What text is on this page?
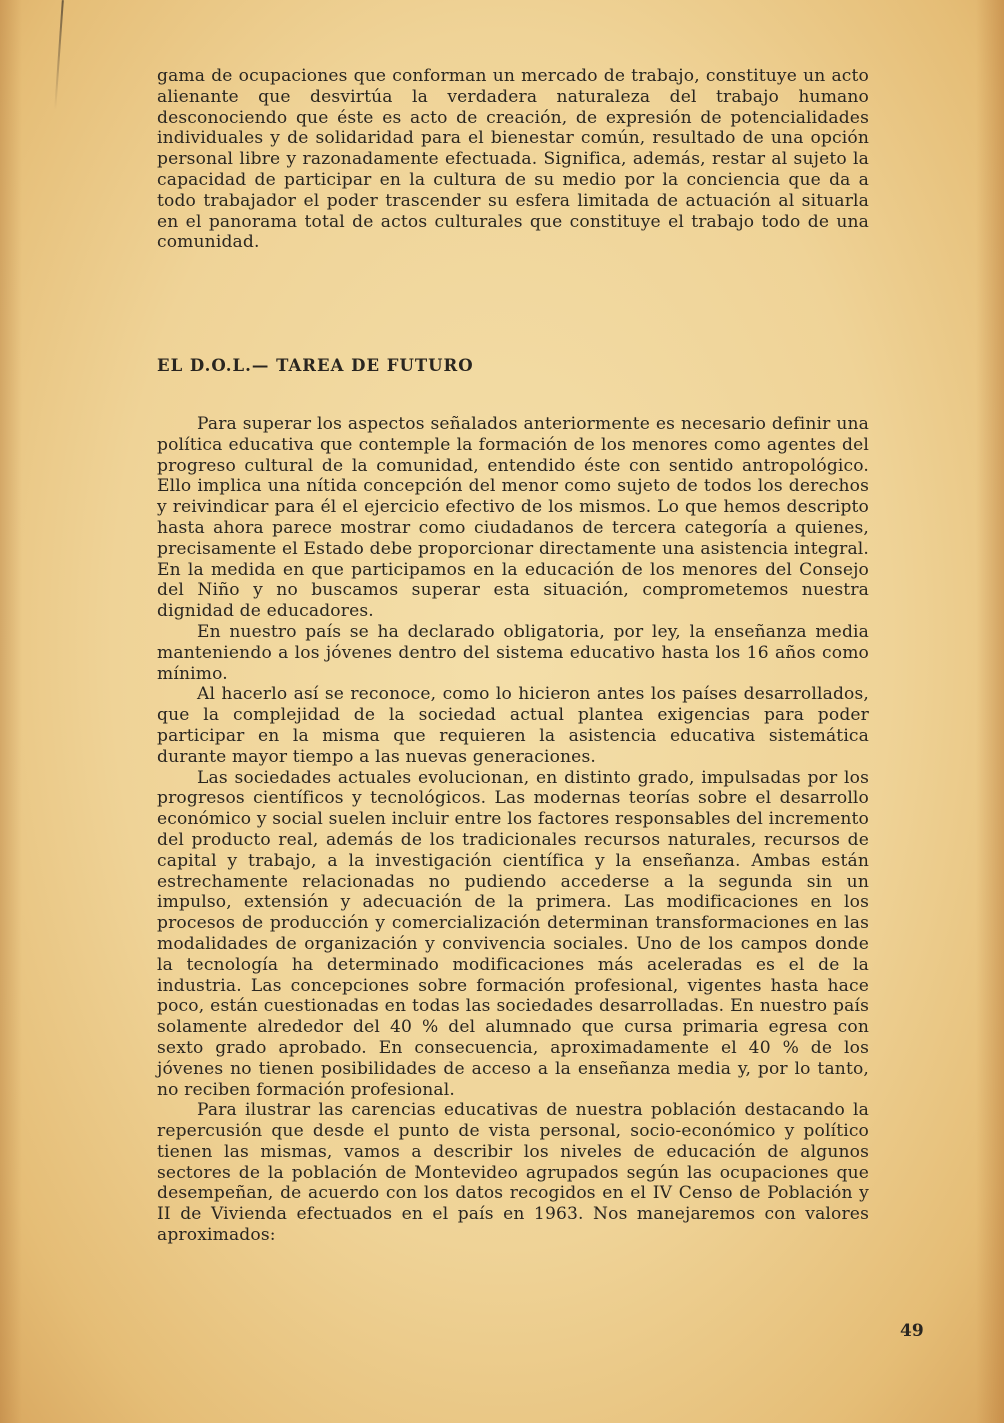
gama de ocupaciones que conforman un mercado de trabajo, constituye un acto alienante que desvirtúa la verdadera naturaleza del trabajo humano desconociendo que éste es acto de creación, de expresión de potencialidades individuales y de solidaridad para el bienestar común, resultado de una opción personal libre y razonadamente efectuada. Significa, además, restar al sujeto la capacidad de participar en la cultura de su medio por la conciencia que da a todo trabajador el poder trascender su esfera limitada de actuación al situarla en el panorama total de actos culturales que constituye el trabajo todo de una comunidad.

EL D.O.L.— TAREA DE FUTURO

Para superar los aspectos señalados anteriormente es necesario definir una política educativa que contemple la formación de los menores como agentes del progreso cultural de la comunidad, entendido éste con sentido antropológico. Ello implica una nítida concepción del menor como sujeto de todos los derechos y reivindicar para él el ejercicio efectivo de los mismos. Lo que hemos descripto hasta ahora parece mostrar como ciudadanos de tercera categoría a quienes, precisamente el Estado debe proporcionar directamente una asistencia integral. En la medida en que participamos en la educación de los menores del Consejo del Niño y no buscamos superar esta situación, comprometemos nuestra dignidad de educadores.

En nuestro país se ha declarado obligatoria, por ley, la enseñanza media manteniendo a los jóvenes dentro del sistema educativo hasta los 16 años como mínimo.

Al hacerlo así se reconoce, como lo hicieron antes los países desarrollados, que la complejidad de la sociedad actual plantea exigencias para poder participar en la misma que requieren la asistencia educativa sistemática durante mayor tiempo a las nuevas generaciones.

Las sociedades actuales evolucionan, en distinto grado, impulsadas por los progresos científicos y tecnológicos. Las modernas teorías sobre el desarrollo económico y social suelen incluir entre los factores responsables del incremento del producto real, además de los tradicionales recursos naturales, recursos de capital y trabajo, a la investigación científica y la enseñanza. Ambas están estrechamente relacionadas no pudiendo accederse a la segunda sin un impulso, extensión y adecuación de la primera. Las modificaciones en los procesos de producción y comercialización determinan transformaciones en las modalidades de organización y convivencia sociales. Uno de los campos donde la tecnología ha determinado modificaciones más aceleradas es el de la industria. Las concepciones sobre formación profesional, vigentes hasta hace poco, están cuestionadas en todas las sociedades desarrolladas. En nuestro país solamente alrededor del 40 % del alumnado que cursa primaria egresa con sexto grado aprobado. En consecuencia, aproximadamente el 40 % de los jóvenes no tienen posibilidades de acceso a la enseñanza media y, por lo tanto, no reciben formación profesional.

Para ilustrar las carencias educativas de nuestra población destacando la repercusión que desde el punto de vista personal, socio-económico y político tienen las mismas, vamos a describir los niveles de educación de algunos sectores de la población de Montevideo agrupados según las ocupaciones que desempeñan, de acuerdo con los datos recogidos en el IV Censo de Población y II de Vivienda efectuados en el país en 1963. Nos manejaremos con valores aproximados:

49
